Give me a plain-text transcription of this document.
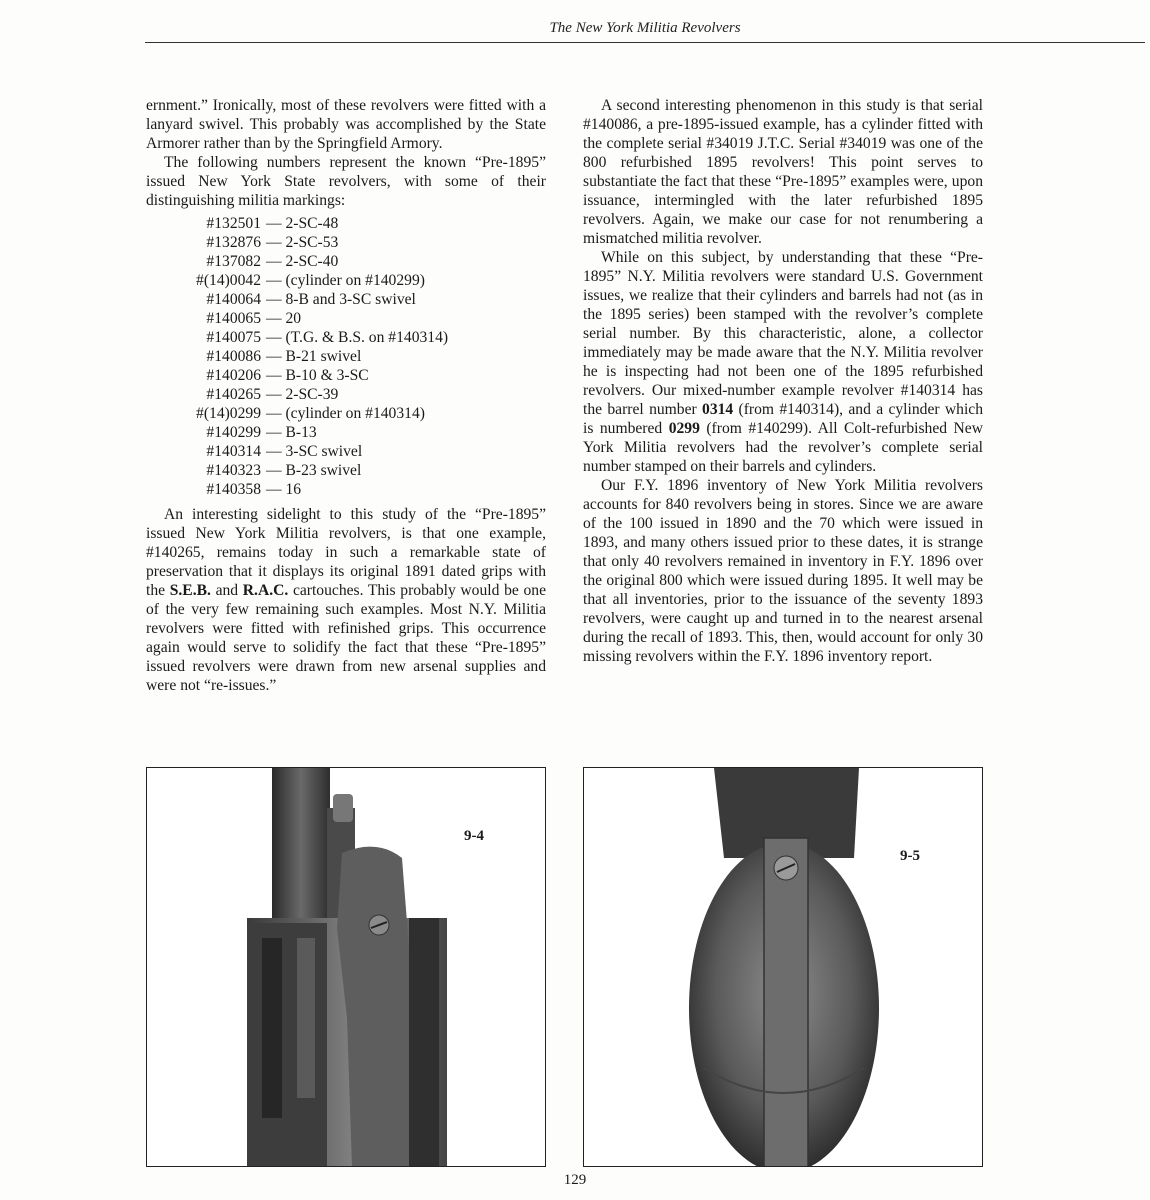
The New York Militia Revolvers

ernment.” Ironically, most of these revolvers were fitted with a lanyard swivel. This probably was accomplished by the State Armorer rather than by the Springfield Armory.

The following numbers represent the known “Pre-1895” issued New York State revolvers, with some of their distinguishing militia markings:

#132501 — 2-SC-48
#132876 — 2-SC-53
#137082 — 2-SC-40
#(14)0042 — (cylinder on #140299)
#140064 — 8-B and 3-SC swivel
#140065 — 20
#140075 — (T.G. & B.S. on #140314)
#140086 — B-21 swivel
#140206 — B-10 & 3-SC
#140265 — 2-SC-39
#(14)0299 — (cylinder on #140314)
#140299 — B-13
#140314 — 3-SC swivel
#140323 — B-23 swivel
#140358 — 16

An interesting sidelight to this study of the “Pre-1895” issued New York Militia revolvers, is that one example, #140265, remains today in such a remarkable state of preservation that it displays its original 1891 dated grips with the S.E.B. and R.A.C. cartouches. This probably would be one of the very few remaining such examples. Most N.Y. Militia revolvers were fitted with refinished grips. This occurrence again would serve to solidify the fact that these “Pre-1895” issued revolvers were drawn from new arsenal supplies and were not “re-issues.”

A second interesting phenomenon in this study is that serial #140086, a pre-1895-issued example, has a cylinder fitted with the complete serial #34019 J.T.C. Serial #34019 was one of the 800 refurbished 1895 revolvers! This point serves to substantiate the fact that these “Pre-1895” examples were, upon issuance, intermingled with the later refurbished 1895 revolvers. Again, we make our case for not renumbering a mismatched militia revolver.

While on this subject, by understanding that these “Pre-1895” N.Y. Militia revolvers were standard U.S. Government issues, we realize that their cylinders and barrels had not (as in the 1895 series) been stamped with the revolver’s complete serial number. By this characteristic, alone, a collector immediately may be made aware that the N.Y. Militia revolver he is inspecting had not been one of the 1895 refurbished revolvers. Our mixed-number example revolver #140314 has the barrel number 0314 (from #140314), and a cylinder which is numbered 0299 (from #140299). All Colt-refurbished New York Militia revolvers had the revolver’s complete serial number stamped on their barrels and cylinders.

Our F.Y. 1896 inventory of New York Militia revolvers accounts for 840 revolvers being in stores. Since we are aware of the 100 issued in 1890 and the 70 which were issued in 1893, and many others issued prior to these dates, it is strange that only 40 revolvers remained in inventory in F.Y. 1896 over the original 800 which were issued during 1895. It well may be that all inventories, prior to the issuance of the seventy 1893 revolvers, were caught up and turned in to the nearest arsenal during the recall of 1893. This, then, would account for only 30 missing revolvers within the F.Y. 1896 inventory report.

9-4
9-5
129
